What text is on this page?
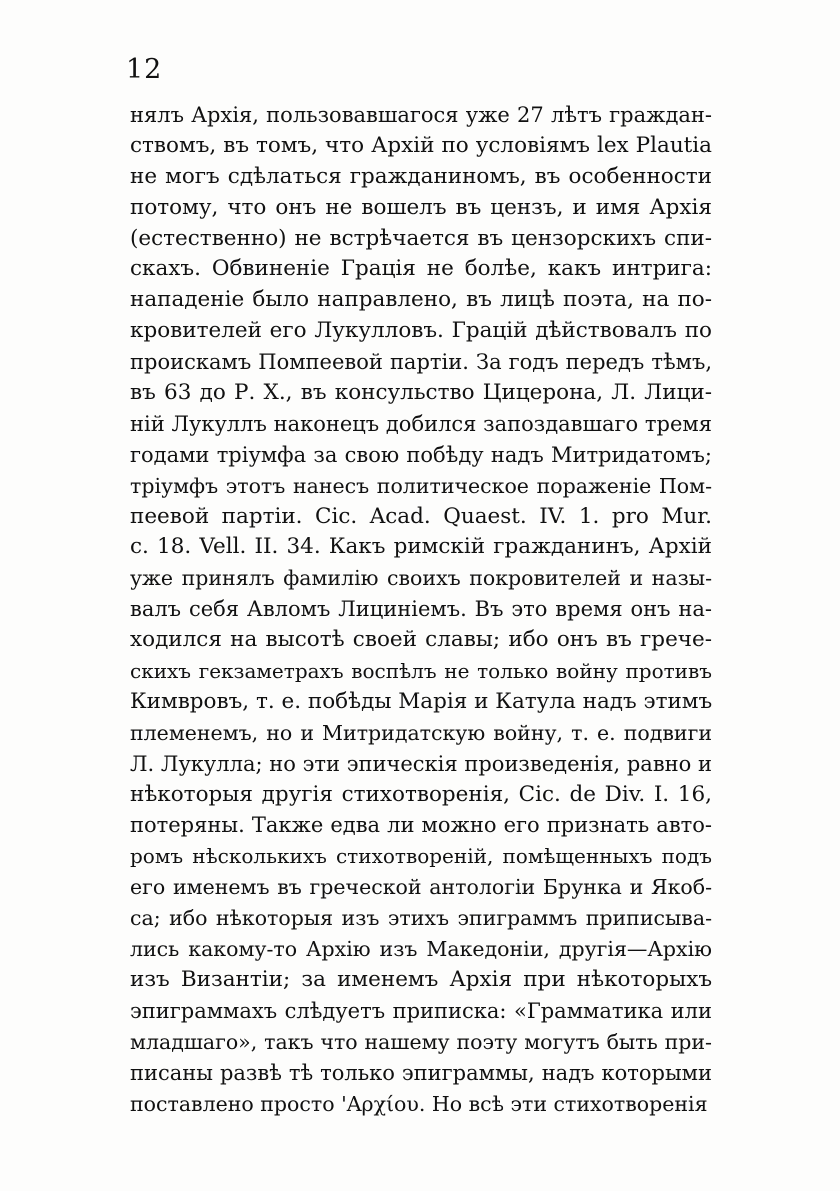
12
нялъ Архія, пользовавшагося уже 27 лѣтъ граждан-
ствомъ, въ томъ, что Архій по условіямъ lex Plautia
не могъ сдѣлаться гражданиномъ, въ особенности
потому, что онъ не вошелъ въ цензъ, и имя Архія
(естественно) не встрѣчается въ цензорскихъ спи-
скахъ. Обвиненіе Грація не болѣе, какъ интрига:
нападеніе было направлено, въ лицѣ поэта, на по-
кровителей его Лукулловъ. Грацій дѣйствовалъ по
проискамъ Помпеевой партіи. За годъ передъ тѣмъ,
въ 63 до Р. Х., въ консульство Цицерона, Л. Лици-
ній Лукуллъ наконецъ добился запоздавшаго тремя
годами тріумфа за свою побѣду надъ Митридатомъ;
тріумфъ этотъ нанесъ политическое пораженіе Пом-
пеевой партіи. Cic. Acad. Quaest. IV. 1. pro Mur.
c. 18. Vell. II. 34. Какъ римскій гражданинъ, Архій
уже принялъ фамилію своихъ покровителей и назы-
валъ себя Авломъ Лициніемъ. Въ это время онъ на-
ходился на высотѣ своей славы; ибо онъ въ грече-
скихъ гекзаметрахъ воспѣлъ не только войну противъ
Кимвровъ, т. е. побѣды Марія и Катула надъ этимъ
племенемъ, но и Митридатскую войну, т. е. подвиги
Л. Лукулла; но эти эпическія произведенія, равно и
нѣкоторыя другія стихотворенія, Cic. de Div. I. 16,
потеряны. Также едва ли можно его признать авто-
ромъ нѣсколькихъ стихотвореній, помѣщенныхъ подъ
его именемъ въ греческой антологіи Брунка и Якоб-
са; ибо нѣкоторыя изъ этихъ эпиграммъ приписыва-
лись какому-то Архію изъ Македоніи, другія—Архію
изъ Византіи; за именемъ Архія при нѣкоторыхъ
эпиграммахъ слѣдуетъ приписка: «Грамматика или
младшаго», такъ что нашему поэту могутъ быть при-
писаны развѣ тѣ только эпиграммы, надъ которыми
поставлено просто 'Αρχίου. Но всѣ эти стихотворенія
